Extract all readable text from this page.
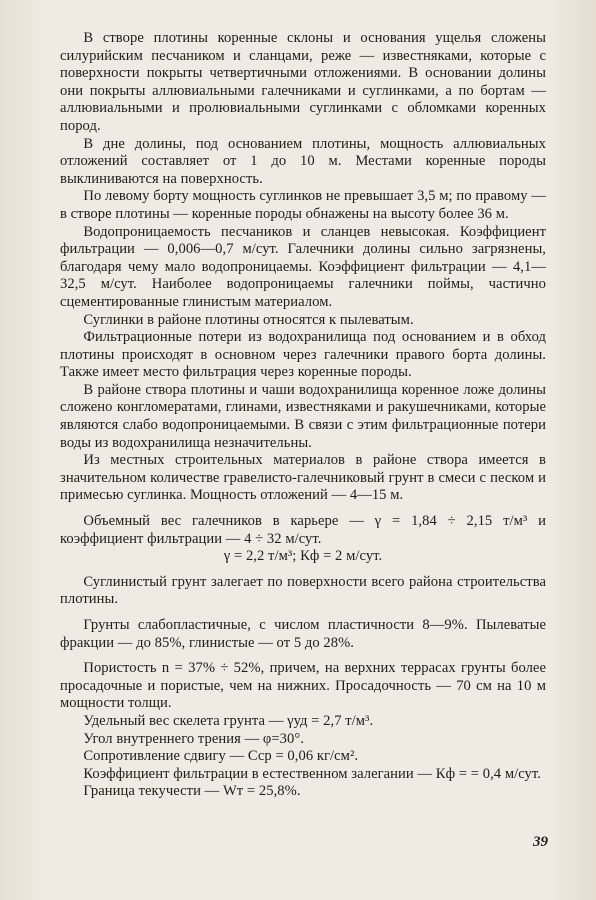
В створе плотины коренные склоны и основания ущелья сложены силурийским песчаником и сланцами, реже — известняками, которые с поверхности покрыты четвертичными отложениями. В основании долины они покрыты аллювиальными галечниками и суглинками, а по бортам — аллювиальными и пролювиальными суглинками с обломками коренных пород.

В дне долины, под основанием плотины, мощность аллювиальных отложений составляет от 1 до 10 м. Местами коренные породы выклиниваются на поверхность.

По левому борту мощность суглинков не превышает 3,5 м; по правому — в створе плотины — коренные породы обнажены на высоту более 36 м.

Водопроницаемость песчаников и сланцев невысокая. Коэффициент фильтрации — 0,006—0,7 м/сут. Галечники долины сильно загрязнены, благодаря чему мало водопроницаемы. Коэффициент фильтрации — 4,1—32,5 м/сут. Наиболее водопроницаемы галечники поймы, частично сцементированные глинистым материалом.

Суглинки в районе плотины относятся к пылеватым.

Фильтрационные потери из водохранилища под основанием и в обход плотины происходят в основном через галечники правого борта долины. Также имеет место фильтрация через коренные породы.

В районе створа плотины и чаши водохранилища коренное ложе долины сложено конгломератами, глинами, известняками и ракушечниками, которые являются слабо водопроницаемыми. В связи с этим фильтрационные потери воды из водохранилища незначительны.

Из местных строительных материалов в районе створа имеется в значительном количестве гравелисто-галечниковый грунт в смеси с песком и примесью суглинка. Мощность отложений — 4—15 м.

Объемный вес галечников в карьере — γ = 1,84 ÷ 2,15 т/м³ и коэффициент фильтрации — 4 ÷ 32 м/сут.

γ = 2,2 т/м³; Кф = 2 м/сут.

Суглинистый грунт залегает по поверхности всего района строительства плотины.

Грунты слабопластичные, с числом пластичности 8—9%. Пылеватые фракции — до 85%, глинистые — от 5 до 28%.

Пористость n = 37% ÷ 52%, причем, на верхних террасах грунты более просадочные и пористые, чем на нижних. Просадочность — 70 см на 10 м мощности толщи.

Удельный вес скелета грунта — γуд = 2,7 т/м³.

Угол внутреннего трения — φ=30°.

Сопротивление сдвигу — Сср = 0,06 кг/см².

Коэффициент фильтрации в естественном залегании — Кф = = 0,4 м/сут.

Граница текучести — Wт = 25,8%.

39
